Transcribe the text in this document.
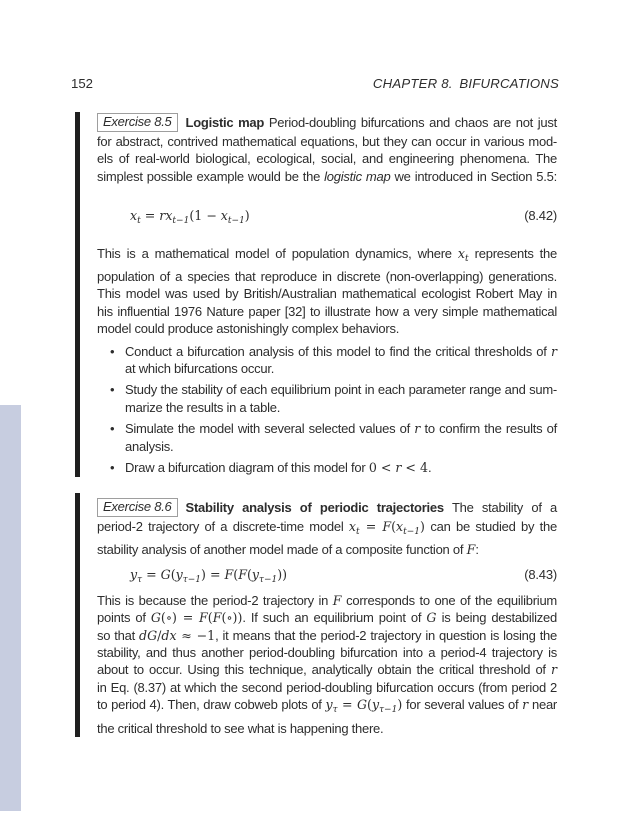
152	CHAPTER 8. BIFURCATIONS
Exercise 8.5 Logistic map Period-doubling bifurcations and chaos are not just
for abstract, contrived mathematical equations, but they can occur in various mod-
els of real-world biological, ecological, social, and engineering phenomena. The
simplest possible example would be the logistic map we introduced in Section 5.5:
$x_t = rx_{t-1}(1 - x_{t-1})$	(8.42)
This is a mathematical model of population dynamics, where $x_t$ represents the
population of a species that reproduce in discrete (non-overlapping) generations.
This model was used by British/Australian mathematical ecologist Robert May in
his influential 1976 Nature paper [32] to illustrate how a very simple mathematical
model could produce astonishingly complex behaviors.
• Conduct a bifurcation analysis of this model to find the critical thresholds of r
at which bifurcations occur.
• Study the stability of each equilibrium point in each parameter range and sum-
marize the results in a table.
• Simulate the model with several selected values of r to confirm the results of
analysis.
• Draw a bifurcation diagram of this model for 0 < r < 4.
Exercise 8.6 Stability analysis of periodic trajectories The stability of a
period-2 trajectory of a discrete-time model $x_t = F(x_{t-1})$ can be studied by the
stability analysis of another model made of a composite function of F:
$y_\tau = G(y_{\tau-1}) = F(F(y_{\tau-1}))$	(8.43)
This is because the period-2 trajectory in F corresponds to one of the equilibrium
points of G(∘) = F(F(∘)). If such an equilibrium point of G is being destabilized
so that dG/dx ≈ −1, it means that the period-2 trajectory in question is losing the
stability, and thus another period-doubling bifurcation into a period-4 trajectory is
about to occur. Using this technique, analytically obtain the critical threshold of r
in Eq. (8.37) at which the second period-doubling bifurcation occurs (from period 2
to period 4). Then, draw cobweb plots of $y_\tau = G(y_{\tau-1})$ for several values of r near
the critical threshold to see what is happening there.
